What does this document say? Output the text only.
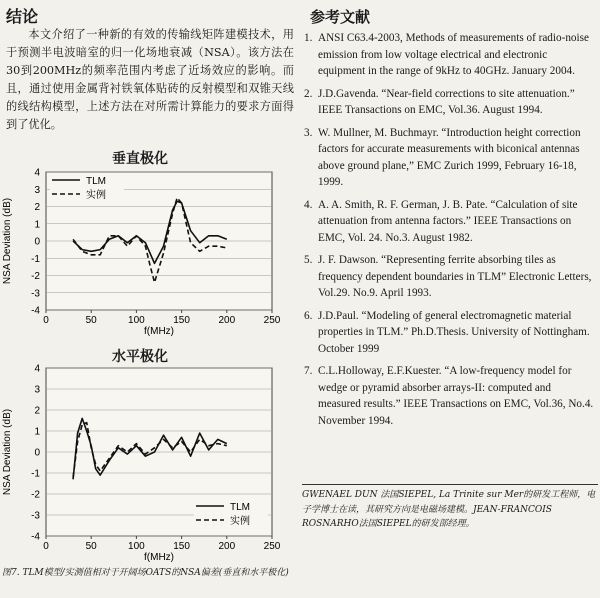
结论

本文介绍了一种新的有效的传输线矩阵建模技术，用于预测半电波暗室的归一化场地衰减（NSA）。该方法在30到200MHz的频率范围内考虑了近场效应的影响。而且，通过使用金属背衬铁氧体贴砖的反射模型和双锥天线的线结构模型，上述方法在对所需计算能力的要求方面得到了优化。

垂直极化
4
3
2
1
0
-1
-2
-3
-4
0	50	100	150	200	250
f(MHz)
NSA Deviation (dB)
TLM
实例
水平极化
4
3
2
1
0
-1
-2
-3
-4
0	50	100	150	200	250
f(MHz)
NSA Deviation (dB)
TLM
实例

图7. TLM模型/实测值相对于开阔场OATS的NSA偏差(垂直和水平极化)

参考文献
1. ANSI C63.4-2003, Methods of measurements of radio-noise emission from low voltage electrical and electronic equipment in the range of 9kHz to 40GHz. January 2004.
2. J.D.Gavenda. “Near-field corrections to site attenuation.” IEEE Transactions on EMC, Vol.36. August 1994.
3. W. Mullner, M. Buchmayr. “Introduction height correction factors for accurate measurements with biconical antennas above ground plane,” EMC Zurich 1999, February 16-18, 1999.
4. A. A. Smith, R. F. German, J. B. Pate. “Calculation of site attenuation from antenna factors.” IEEE Transactions on EMC, Vol. 24. No.3. August 1982.
5. J. F. Dawson. “Representing ferrite absorbing tiles as frequency dependent boundaries in TLM” Electronic Letters, Vol.29. No.9. April 1993.
6. J.D.Paul. “Modeling of general electromagnetic material properties in TLM.” Ph.D.Thesis. University of Nottingham. October 1999
7. C.L.Holloway, E.F.Kuester. “A low-frequency model for wedge or pyramid absorber arrays-II: computed and measured results.” IEEE Transactions on EMC, Vol.36, No.4. November 1994.

GWENAEL DUN 法国SIEPEL, La Trinite sur Mer的研发工程师，电子学博士在读，其研究方向是电磁场建模。JEAN-FRANCOIS ROSNARHO法国SIEPEL的研发部经理。
